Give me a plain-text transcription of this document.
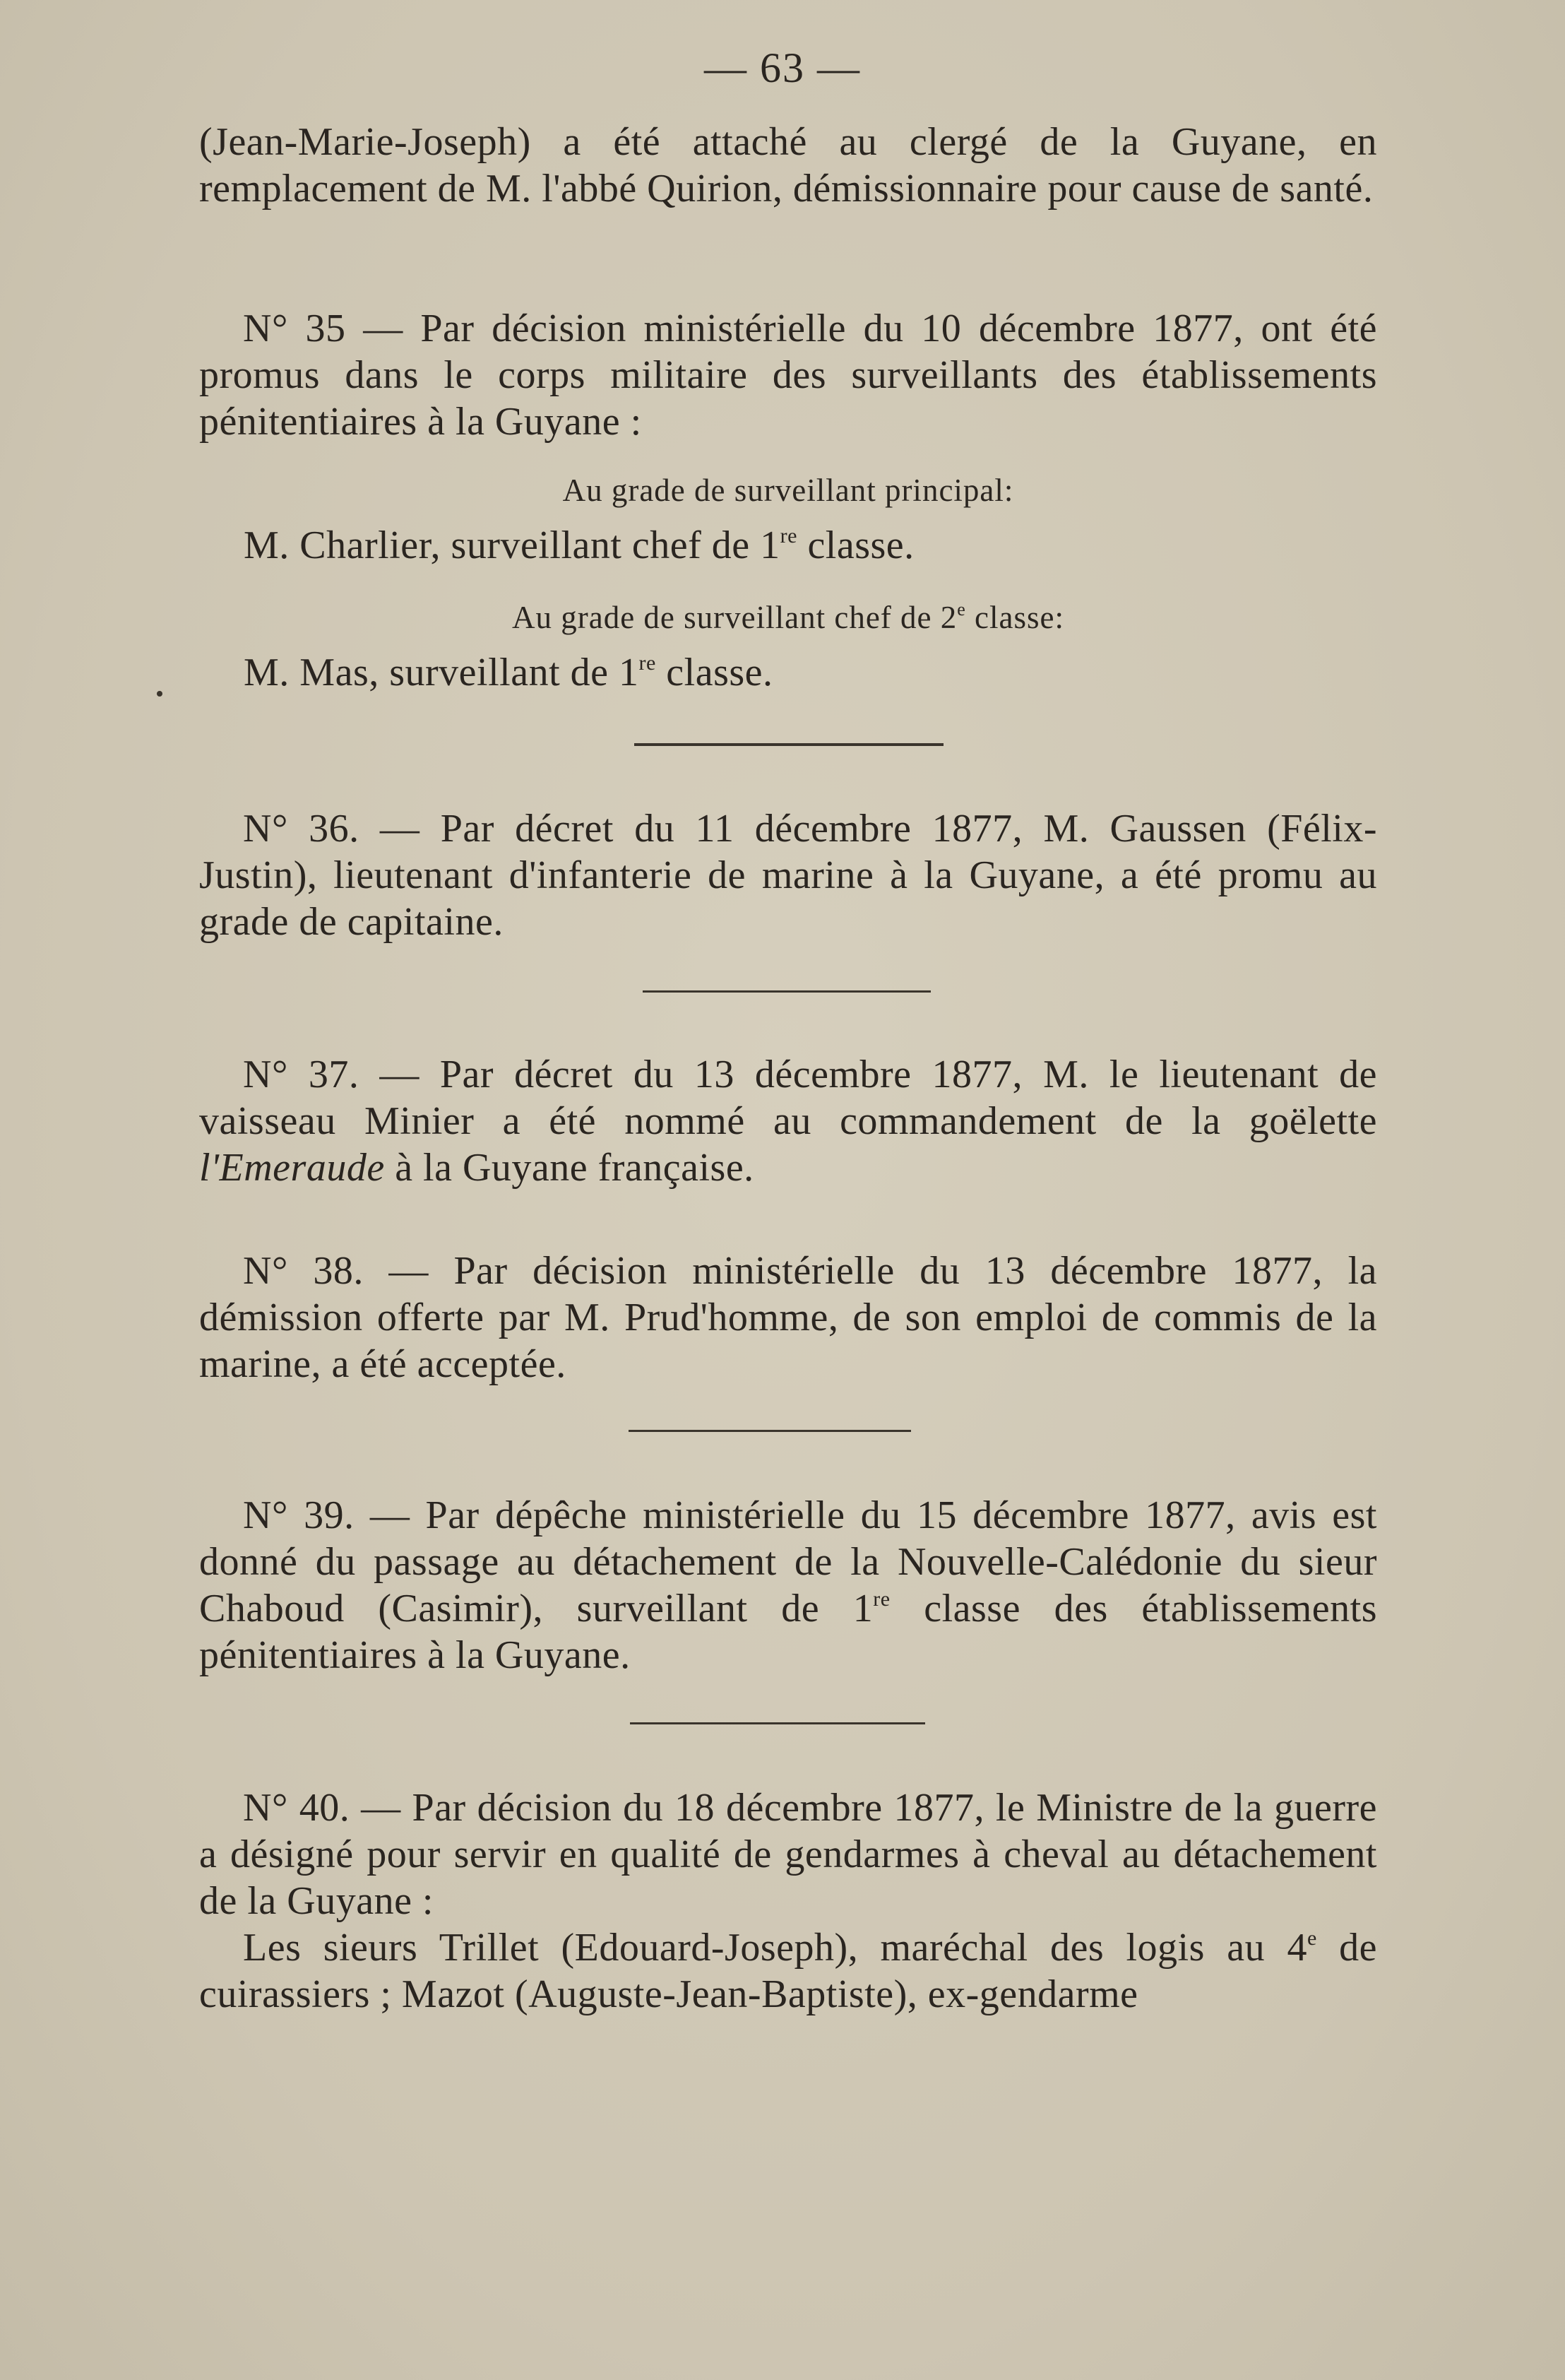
— 63 —
(Jean-Marie-Joseph) a été attaché au clergé de la Guyane, en remplacement de M. l'abbé Quirion, démissionnaire pour cause de santé.
N° 35 — Par décision ministérielle du 10 décembre 1877, ont été promus dans le corps militaire des surveillants des établissements pénitentiaires à la Guyane :
Au grade de surveillant principal:
M. Charlier, surveillant chef de 1re classe.
Au grade de surveillant chef de 2e classe:
M. Mas, surveillant de 1re classe.
N° 36. — Par décret du 11 décembre 1877, M. Gaussen (Félix-Justin), lieutenant d'infanterie de marine à la Guyane, a été promu au grade de capitaine.
N° 37. — Par décret du 13 décembre 1877, M. le lieutenant de vaisseau Minier a été nommé au commandement de la goëlette l'Emeraude à la Guyane française.
N° 38. — Par décision ministérielle du 13 décembre 1877, la démission offerte par M. Prud'homme, de son emploi de commis de la marine, a été acceptée.
N° 39. — Par dépêche ministérielle du 15 décembre 1877, avis est donné du passage au détachement de la Nouvelle-Calédonie du sieur Chaboud (Casimir), surveillant de 1re classe des établissements pénitentiaires à la Guyane.
N° 40. — Par décision du 18 décembre 1877, le Ministre de la guerre a désigné pour servir en qualité de gendarmes à cheval au détachement de la Guyane :
Les sieurs Trillet (Edouard-Joseph), maréchal des logis au 4e de cuirassiers ; Mazot (Auguste-Jean-Baptiste), ex-gendarme
